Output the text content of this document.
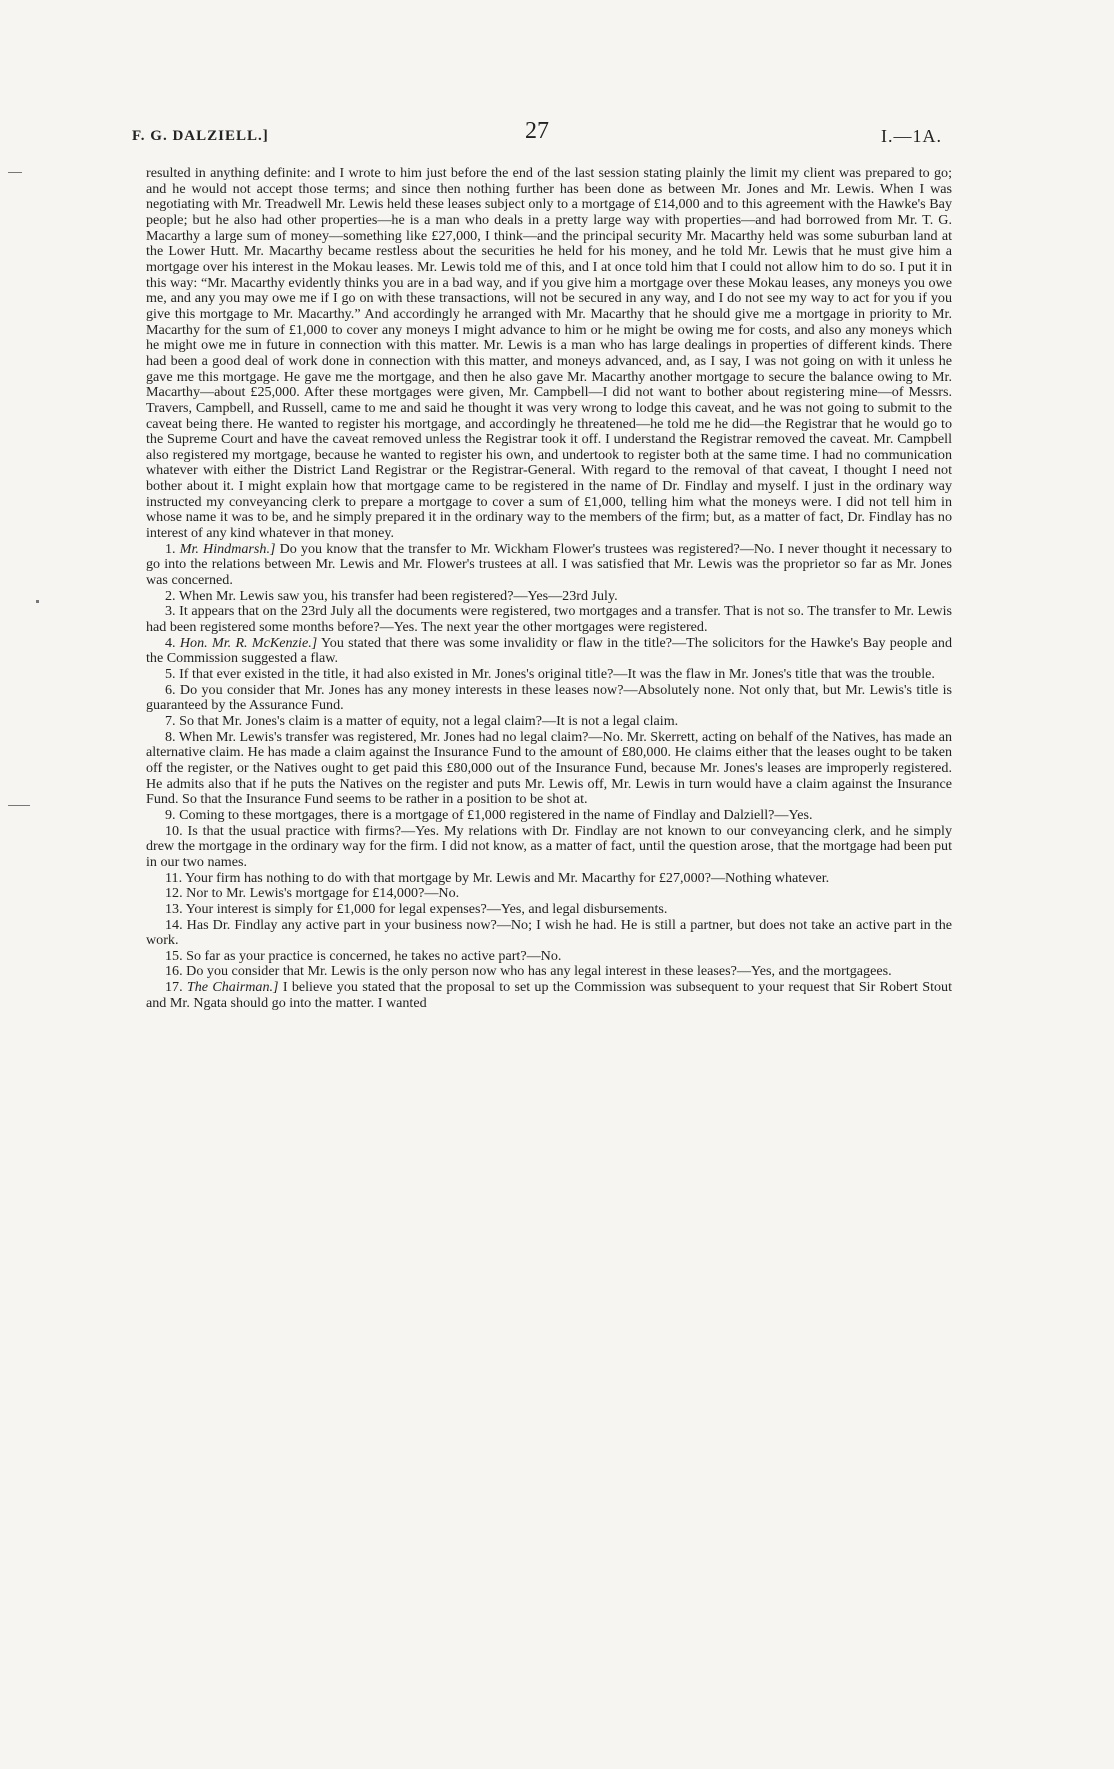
F. G. DALZIELL.]	27	I.—1A.

resulted in anything definite: and I wrote to him just before the end of the last session stating plainly the limit my client was prepared to go; and he would not accept those terms; and since then nothing further has been done as between Mr. Jones and Mr. Lewis. When I was negotiating with Mr. Treadwell Mr. Lewis held these leases subject only to a mortgage of £14,000 and to this agreement with the Hawke's Bay people; but he also had other properties—he is a man who deals in a pretty large way with properties—and had borrowed from Mr. T. G. Macarthy a large sum of money—something like £27,000, I think—and the principal security Mr. Macarthy held was some suburban land at the Lower Hutt. Mr. Macarthy became restless about the securities he held for his money, and he told Mr. Lewis that he must give him a mortgage over his interest in the Mokau leases. Mr. Lewis told me of this, and I at once told him that I could not allow him to do so. I put it in this way: “Mr. Macarthy evidently thinks you are in a bad way, and if you give him a mortgage over these Mokau leases, any moneys you owe me, and any you may owe me if I go on with these transactions, will not be secured in any way, and I do not see my way to act for you if you give this mortgage to Mr. Macarthy.” And accordingly he arranged with Mr. Macarthy that he should give me a mortgage in priority to Mr. Macarthy for the sum of £1,000 to cover any moneys I might advance to him or he might be owing me for costs, and also any moneys which he might owe me in future in connection with this matter. Mr. Lewis is a man who has large dealings in properties of different kinds. There had been a good deal of work done in connection with this matter, and moneys advanced, and, as I say, I was not going on with it unless he gave me this mortgage. He gave me the mortgage, and then he also gave Mr. Macarthy another mortgage to secure the balance owing to Mr. Macarthy—about £25,000. After these mortgages were given, Mr. Campbell—I did not want to bother about registering mine—of Messrs. Travers, Campbell, and Russell, came to me and said he thought it was very wrong to lodge this caveat, and he was not going to submit to the caveat being there. He wanted to register his mortgage, and accordingly he threatened—he told me he did—the Registrar that he would go to the Supreme Court and have the caveat removed unless the Registrar took it off. I understand the Registrar removed the caveat. Mr. Campbell also registered my mortgage, because he wanted to register his own, and undertook to register both at the same time. I had no communication whatever with either the District Land Registrar or the Registrar-General. With regard to the removal of that caveat, I thought I need not bother about it. I might explain how that mortgage came to be registered in the name of Dr. Findlay and myself. I just in the ordinary way instructed my conveyancing clerk to prepare a mortgage to cover a sum of £1,000, telling him what the moneys were. I did not tell him in whose name it was to be, and he simply prepared it in the ordinary way to the members of the firm; but, as a matter of fact, Dr. Findlay has no interest of any kind whatever in that money.

1. Mr. Hindmarsh.] Do you know that the transfer to Mr. Wickham Flower's trustees was registered?—No. I never thought it necessary to go into the relations between Mr. Lewis and Mr. Flower's trustees at all. I was satisfied that Mr. Lewis was the proprietor so far as Mr. Jones was concerned.

2. When Mr. Lewis saw you, his transfer had been registered?—Yes—23rd July.

3. It appears that on the 23rd July all the documents were registered, two mortgages and a transfer. That is not so. The transfer to Mr. Lewis had been registered some months before?—Yes. The next year the other mortgages were registered.

4. Hon. Mr. R. McKenzie.] You stated that there was some invalidity or flaw in the title?—The solicitors for the Hawke's Bay people and the Commission suggested a flaw.

5. If that ever existed in the title, it had also existed in Mr. Jones's original title?—It was the flaw in Mr. Jones's title that was the trouble.

6. Do you consider that Mr. Jones has any money interests in these leases now?—Absolutely none. Not only that, but Mr. Lewis's title is guaranteed by the Assurance Fund.

7. So that Mr. Jones's claim is a matter of equity, not a legal claim?—It is not a legal claim.

8. When Mr. Lewis's transfer was registered, Mr. Jones had no legal claim?—No. Mr. Skerrett, acting on behalf of the Natives, has made an alternative claim. He has made a claim against the Insurance Fund to the amount of £80,000. He claims either that the leases ought to be taken off the register, or the Natives ought to get paid this £80,000 out of the Insurance Fund, because Mr. Jones's leases are improperly registered. He admits also that if he puts the Natives on the register and puts Mr. Lewis off, Mr. Lewis in turn would have a claim against the Insurance Fund. So that the Insurance Fund seems to be rather in a position to be shot at.

9. Coming to these mortgages, there is a mortgage of £1,000 registered in the name of Findlay and Dalziell?—Yes.

10. Is that the usual practice with firms?—Yes. My relations with Dr. Findlay are not known to our conveyancing clerk, and he simply drew the mortgage in the ordinary way for the firm. I did not know, as a matter of fact, until the question arose, that the mortgage had been put in our two names.

11. Your firm has nothing to do with that mortgage by Mr. Lewis and Mr. Macarthy for £27,000?—Nothing whatever.

12. Nor to Mr. Lewis's mortgage for £14,000?—No.

13. Your interest is simply for £1,000 for legal expenses?—Yes, and legal disbursements.

14. Has Dr. Findlay any active part in your business now?—No; I wish he had. He is still a partner, but does not take an active part in the work.

15. So far as your practice is concerned, he takes no active part?—No.

16. Do you consider that Mr. Lewis is the only person now who has any legal interest in these leases?—Yes, and the mortgagees.

17. The Chairman.] I believe you stated that the proposal to set up the Commission was subsequent to your request that Sir Robert Stout and Mr. Ngata should go into the matter. I wanted
